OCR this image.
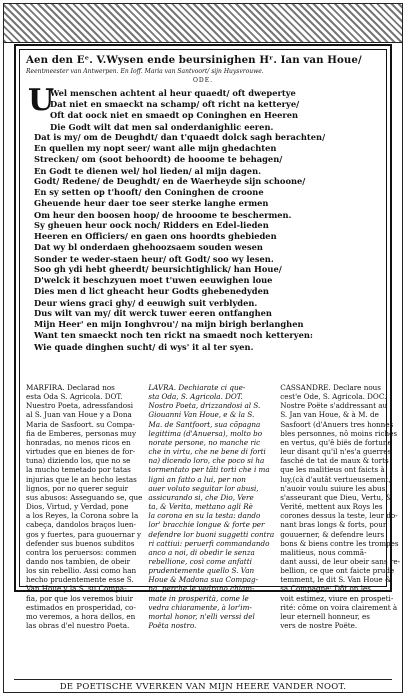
Aen den Eᵉ. V.Wysen ende beursinighen Hʳ. Ian van Houe/
Reentmeester van Antwerpen. En Ioff. Maria van Santvoort/ sijn Huysvrouwe.
ODE.
U
Wel menschen achtent al heur quaedt/ oft dwepertye
Dat niet en smaeckt na schamp/ oft richt na ketterye/
Oft dat oock niet en smaedt op Coninghen en Heeren
Die Godt wilt dat men sal onderdanighlic eeren.
Dat is my/ om de Deughdt/ dan t'quaedt dolck sagh berachten/
En quellen my nopt seer/ want alle mijn ghedachten
Strecken/ om (soot behoordt) de hooome te behagen/
En Godt te dienen wel/ hol lieden/ al mijn dagen.
Godt/ Redene/ de Deughdt/ en de Waerheyde sijn schoone/
En sy setten op t'hooft/ den Coninghen de croone
Gheuende heur daer toe seer sterke langhe ermen
Om heur den boosen hoop/ de hrooome te beschermen.
Sy gheuen heur oock noch/ Ridders en Edel-lieden
Heeren en Officiers/ en gaen ons hoordts ghebieden
Dat wy bl onderdaen ghehoozsaem souden wesen
Sonder te weder-staen heur/ oft Godt/ soo wy lesen.
Soo gh ydi hebt gheerdt/ beursichtighlick/ han Houe/
D'welck it beschzyuen moet t'uwen eeuwighen loue
Dies men d lict gheacht heur Godts ghebenedyden
Deur wiens graci ghy/ d eeuwigh suit verblyden.
Dus wilt van my/ dit werck tuwer eeren ontfanghen
Mijn Heer' en mijn Ionghvrou'/ na mijn birigh berlanghen
Want ten smaeckt noch ten rickt na smaedt noch ketteryen:
Wie quade dinghen sucht/ di wys' it al ter syen.

MARFIRA. Declarad nos

esta Oda S. Agricola. DOT.

Nuestro Poeta, adressfandosi

al S. Juan van Houe y a Dona

Maria de Sasfoort. su Compa-

fia de Emberes, personas muy

honradas, no menos ricos en

virtudes que en bienes de for-

tuna) diziendo los, que no se

la mucho temetado por tatas

injurias que le an hecho lestas

lignos, por no querer seguir

sus abusos: Asseguando se, que

Dios, Virtud, y Verdad, pone

a los Reyes, la Corona sobre la

cabeça, dandolos braços luen-

gos y fuertes, para guouernar y

defender sus buenos subditos

contra los peruersos: commen

dando nos tambien, de obeir

los sin rebellio. Assi como han

hecho prudentemente esse S.

Van Houe y la S. su Compa-

fia, por que los veremos biuir

estimados en prosperidad, co-

mo veremos, a hora dellos, en

las obras d'el nuestro Poeta.

LAVRA. Dechiarate ci que-

sta Oda, S. Agricola. DOT.

Nostro Poeta, drizzandosi al S.

Giouanni Van Houe, e & la S.

Ma. de Santfoort, sua cõpagna

legittima (d'Anuersa), molto bo

norate persone, no manche ric

che in virtu, che ne bene di forti

na) dicendo loro, che poco si ha

tormentato per tãti torti che i ma

ligni an fatto a lui, per non

auer voluto seguitar lor abusi,

assicurando si, che Dio, Vere

ta, & Verita, mettano agli Rè

la corona en su la testa: dando

lor' bracchie longue & forte per

defendre lor buoni suggetti contra

ri cattiui: peruerfi commandando

anco a noi, di obedir le senza

rebellione, così come anfatti

prudentemente quello S. Van

Houe & Madona sua Compag-

na, perche le vedrano chiam-

mate in prosperità, come le

vedra chiaramente, à lor'im-

mortal honor, n'elli verssi del

Poëta nostro.

CASSANDRE. Declare nous

cest'e Ode, S. Agricola. DOC.

Nostre Poëte s'addressant au

S. Jan van Houe, & à M. de

Sasfoort (d'Anuers tres honnes

bles personnes, nô moins riches

en vertus, qu'ê biës de fortune

leur disant qu'il n'es'a guerres

fasché de tat de maux & torts

que les malitieus ont faicts à

luy,(cà d'autât vertueusement,

n'auoir voulu suiure les abus,

s'asseurant que Dieu, Vertu, &

Verité, mettent aux Roys les

corones dessus la teste, leur do-

nant bras longs & forts, pour

gouuerner, & defendre leurs

bons & biens contre les trompes

malitieus, nous commã-

dant aussi, de leur obeir sans re-

bellion, ce que ont faicte prude

temment, le dit S. Van Houe &

sa Compagne: Dõt on les

voit estimez, viure en prospeti-

rité: côme on voira clairement à

leur eternell honneur, es

vers de nostre Poëte.

DE POETISCHE VVERKEN VAN MIJN HEERE VANDER NOOT.
